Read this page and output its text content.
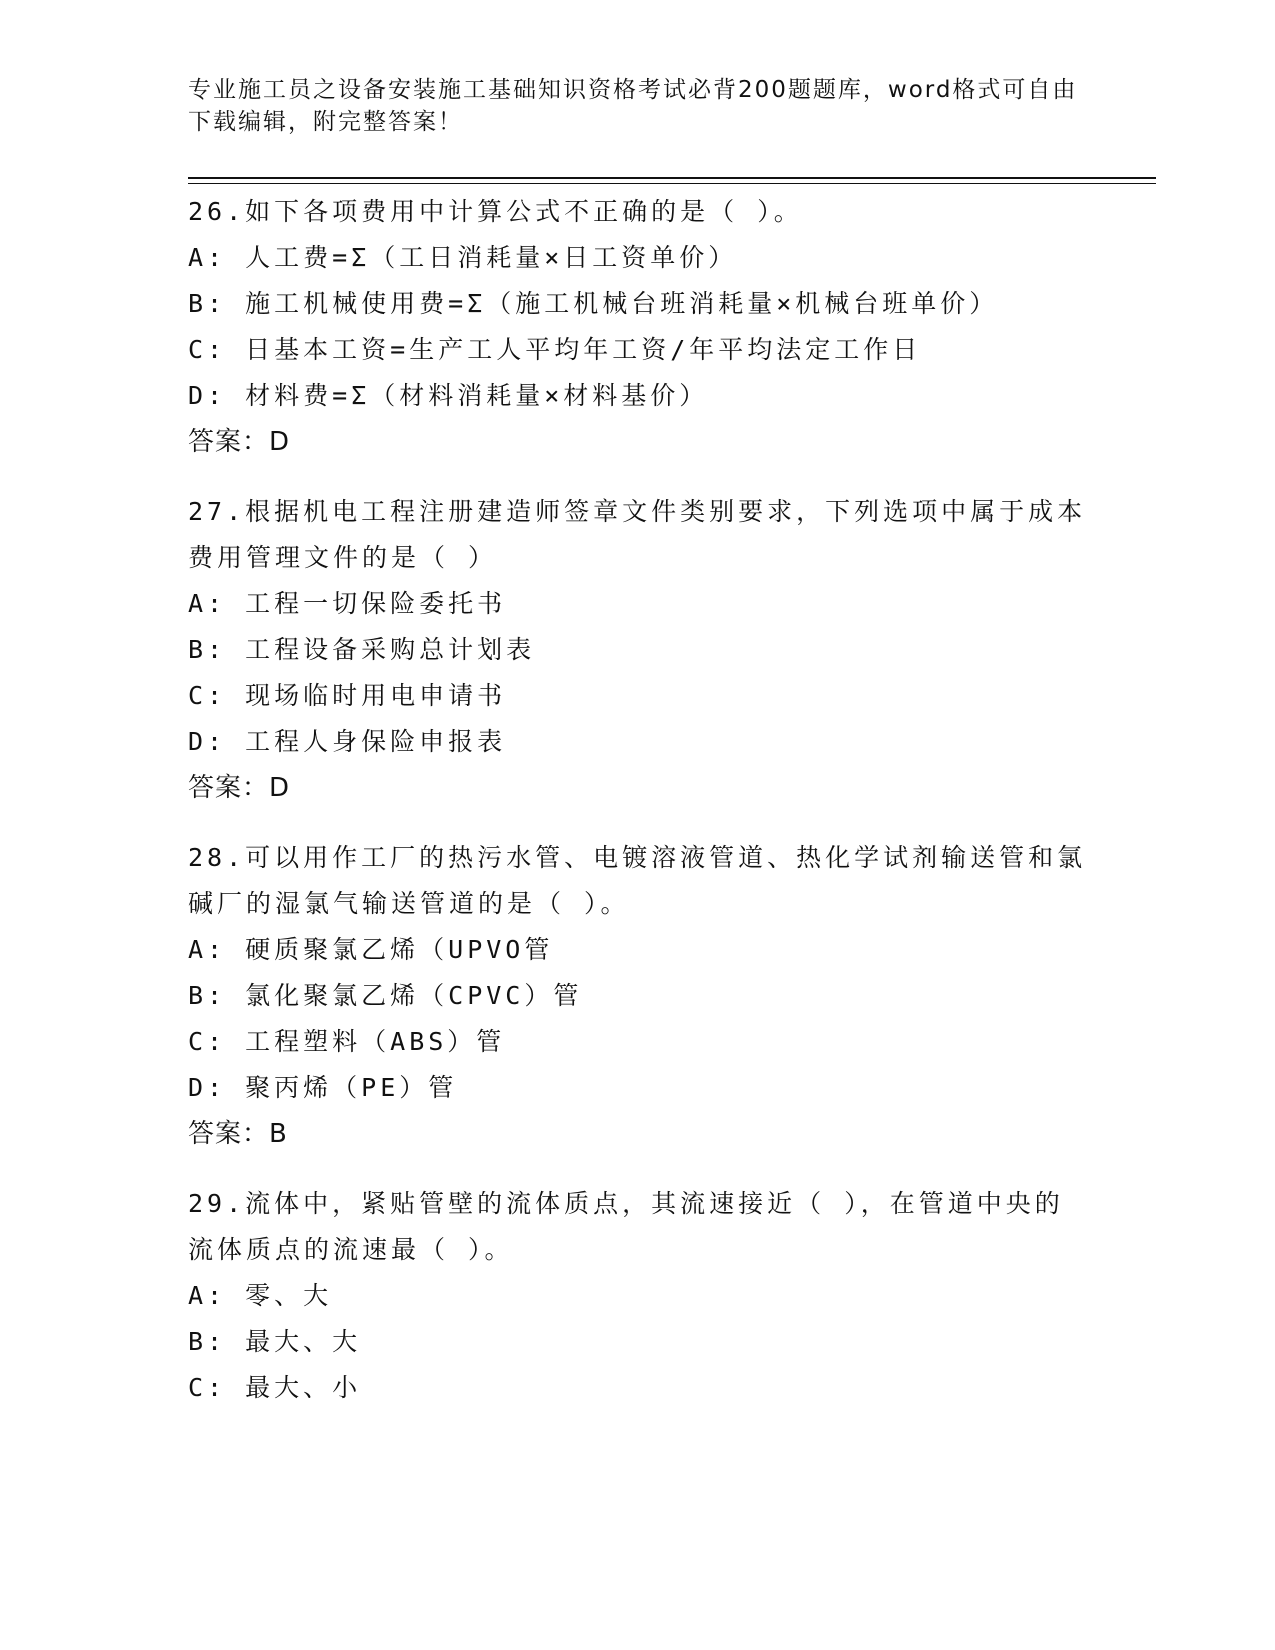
专业施工员之设备安装施工基础知识资格考试必背200题题库，word格式可自由
下载编辑，附完整答案！
26.如下各项费用中计算公式不正确的是（ ）。
A: 人工费=Σ（工日消耗量×日工资单价）
B: 施工机械使用费=Σ（施工机械台班消耗量×机械台班单价）
C: 日基本工资=生产工人平均年工资/年平均法定工作日
D: 材料费=Σ（材料消耗量×材料基价）
答案：D
27.根据机电工程注册建造师签章文件类别要求，下列选项中属于成本费用管理文件的是（ ）
A: 工程一切保险委托书
B: 工程设备采购总计划表
C: 现场临时用电申请书
D: 工程人身保险申报表
答案：D
28.可以用作工厂的热污水管、电镀溶液管道、热化学试剂输送管和氯碱厂的湿氯气输送管道的是（ ）。
A: 硬质聚氯乙烯（UPVO管
B: 氯化聚氯乙烯（CPVC）管
C: 工程塑料（ABS）管
D: 聚丙烯（PE）管
答案：B
29.流体中，紧贴管壁的流体质点，其流速接近（ ），在管道中央的流体质点的流速最（ ）。
A: 零、大
B: 最大、大
C: 最大、小
